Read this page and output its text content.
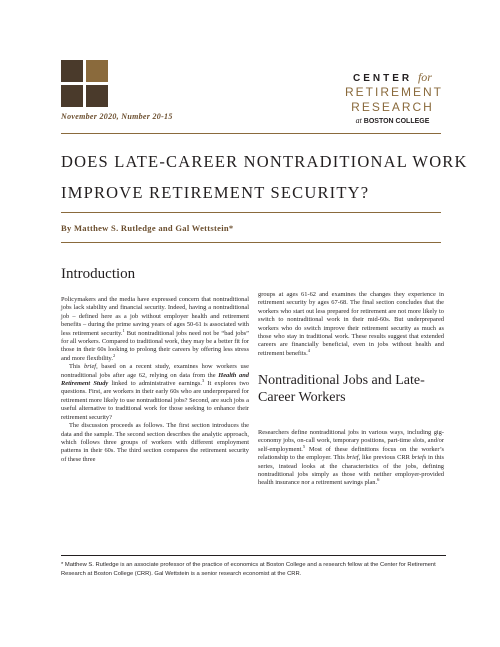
CENTER for
RETIREMENT
RESEARCH
at BOSTON COLLEGE
November 2020, Number 20-15
DOES LATE-CAREER NONTRADITIONAL WORK IMPROVE RETIREMENT SECURITY?
By Matthew S. Rutledge and Gal Wettstein*
Introduction

Policymakers and the media have expressed concern that nontraditional jobs lack stability and financial security. Indeed, having a nontraditional job – defined here as a job without employer health and retirement benefits – during the prime saving years of ages 50-61 is associated with less retirement security.$^1$ But nontraditional jobs need not be “bad jobs” for all workers. Compared to traditional work, they may be a better fit for those in their 60s looking to prolong their careers by offering less stress and more flexibility.$^2$

This brief, based on a recent study, examines how workers use nontraditional jobs after age 62, relying on data from the Health and Retirement Study linked to administrative earnings.$^3$ It explores two questions. First, are workers in their early 60s who are underprepared for retirement more likely to use nontraditional jobs? Second, are such jobs a useful alternative to traditional work for those seeking to enhance their retirement security?

The discussion proceeds as follows. The first section introduces the data and the sample. The second section describes the analytic approach, which follows three groups of workers with different employment patterns in their 60s. The third section compares the retirement security of these three

groups at ages 61-62 and examines the changes they experience in retirement security by ages 67-68. The final section concludes that the workers who start out less prepared for retirement are not more likely to switch to nontraditional work in their mid-60s. But underprepared workers who do switch improve their retirement security as much as those who stay in traditional work. These results suggest that extended careers are financially beneficial, even in jobs without health and retirement benefits.$^4$

Nontraditional Jobs and Late-Career Workers

Researchers define nontraditional jobs in various ways, including gig-economy jobs, on-call work, temporary positions, part-time slots, and/or self-employment.$^5$ Most of these definitions focus on the worker’s relationship to the employer. This brief, like previous CRR briefs in this series, instead looks at the characteristics of the jobs, defining nontraditional jobs simply as those with neither employer-provided health insurance nor a retirement savings plan.$^6$

* Matthew S. Rutledge is an associate professor of the practice of economics at Boston College and a research fellow at the Center for Retirement Research at Boston College (CRR). Gal Wettstein is a senior research economist at the CRR.
